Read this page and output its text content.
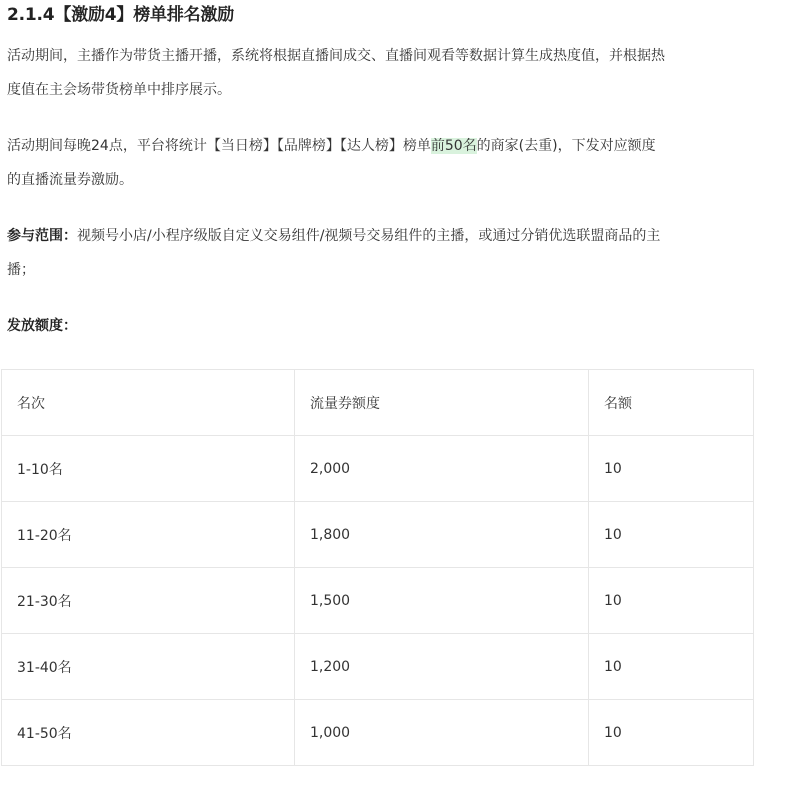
2.1.4【激励4】榜单排名激励
活动期间，主播作为带货主播开播，系统将根据直播间成交、直播间观看等数据计算生成热度值，并根据热
度值在主会场带货榜单中排序展示。
活动期间每晚24点，平台将统计【当日榜】【品牌榜】【达人榜】榜单前50名的商家(去重)，下发对应额度
的直播流量券激励。
参与范围：视频号小店/小程序级版自定义交易组件/视频号交易组件的主播，或通过分销优选联盟商品的主
播；
发放额度：
名次	流量券额度	名额
1-10名	2,000	10
11-20名	1,800	10
21-30名	1,500	10
31-40名	1,200	10
41-50名	1,000	10
